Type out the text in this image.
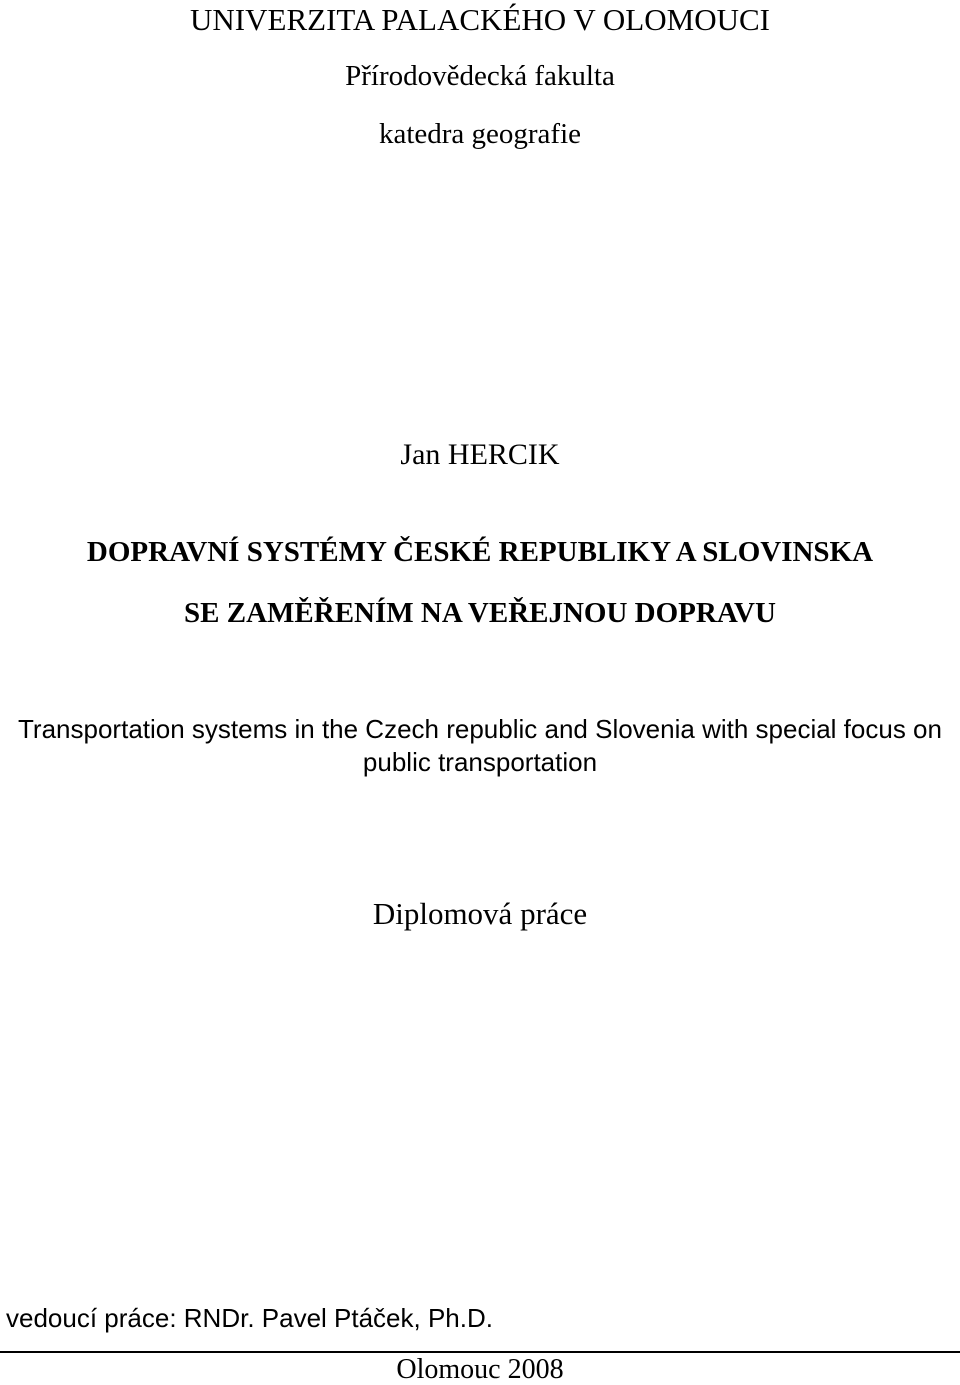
UNIVERZITA PALACKÉHO V OLOMOUCI
Přírodovědecká fakulta
katedra geografie
Jan HERCIK
DOPRAVNÍ SYSTÉMY ČESKÉ REPUBLIKY A SLOVINSKA
SE ZAMĚŘENÍM NA VEŘEJNOU DOPRAVU
Transportation systems in the Czech republic and Slovenia with special focus on
public transportation
Diplomová práce
vedoucí práce: RNDr. Pavel Ptáček, Ph.D.
Olomouc 2008
